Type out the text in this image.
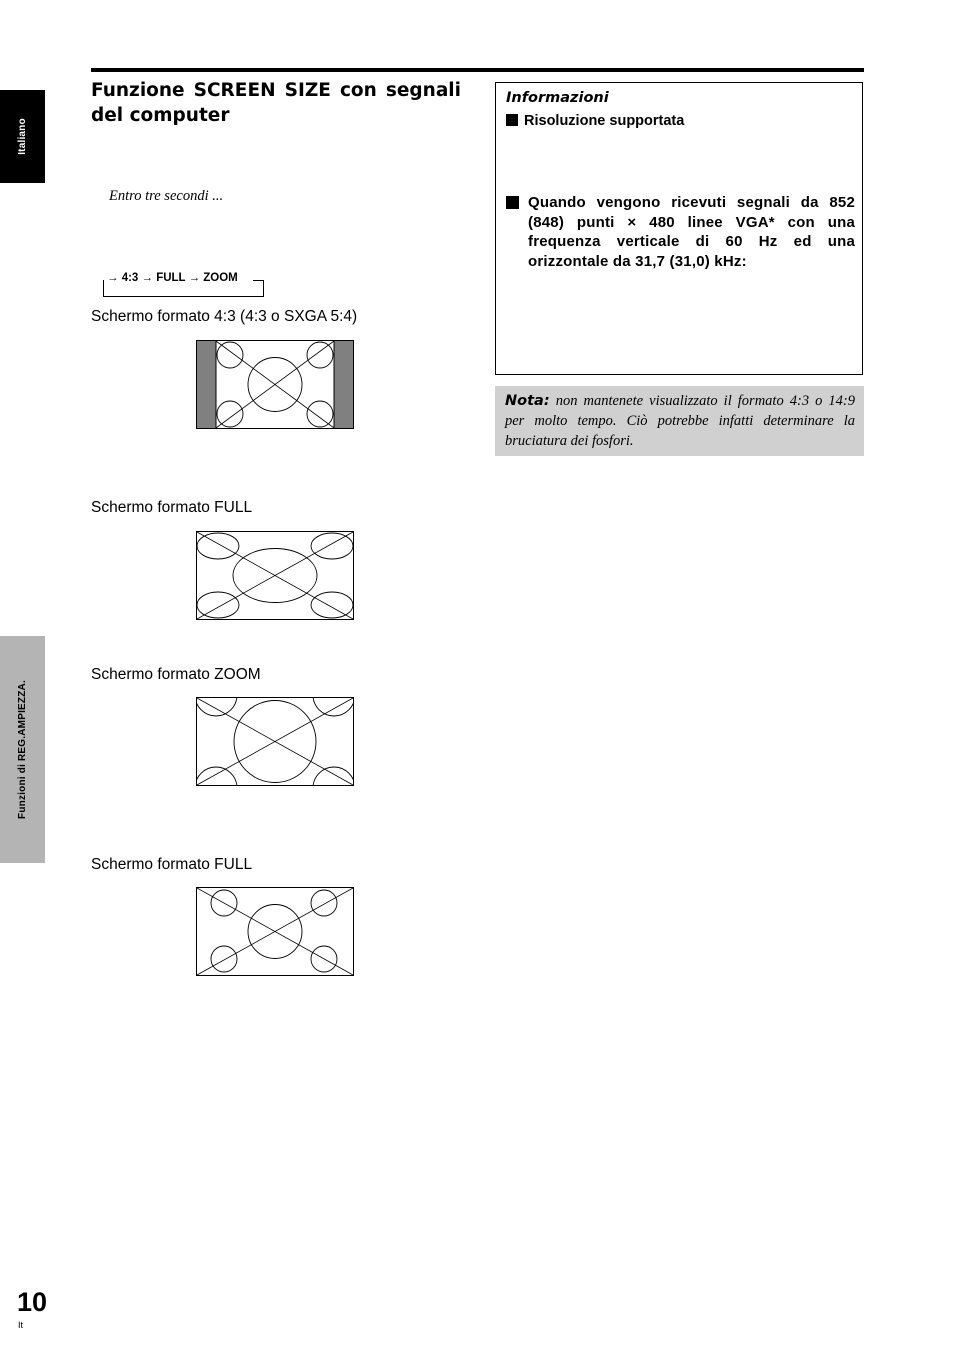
Italiano
Funzioni di REG.AMPIEZZA.
Funzione SCREEN SIZE con segnali del computer
Entro tre secondi ...
→ 4:3 → FULL → ZOOM
Schermo formato 4:3 (4:3 o SXGA 5:4)
Schermo formato FULL
Schermo formato ZOOM
Schermo formato FULL
Informazioni
Risoluzione supportata
Quando vengono ricevuti segnali da 852 (848) punti × 480 linee VGA* con una frequenza verticale di 60 Hz ed una orizzontale da 31,7 (31,0) kHz:
Nota: non mantenete visualizzato il formato 4:3 o 14:9 per molto tempo. Ciò potrebbe infatti determinare la bruciatura dei fosfori.
10
It
